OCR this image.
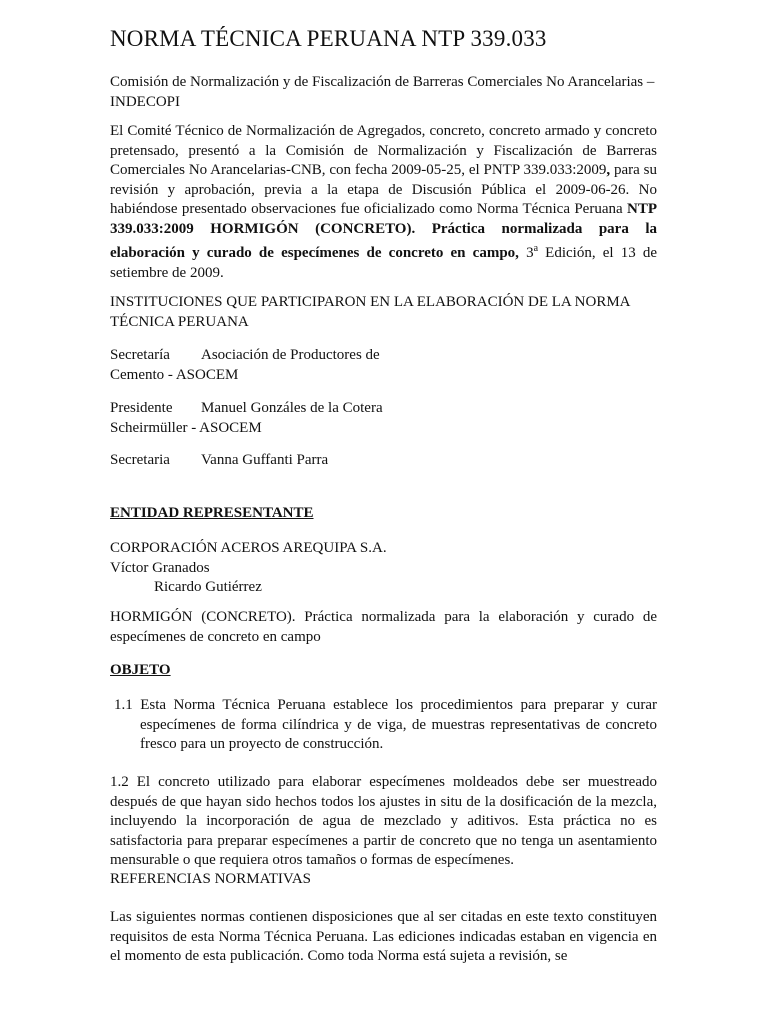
NORMA TÉCNICA PERUANA NTP 339.033

Comisión de Normalización y de Fiscalización de Barreras Comerciales No Arancelarias – INDECOPI

El Comité Técnico de Normalización de Agregados, concreto, concreto armado y concreto pretensado, presentó a la Comisión de Normalización y Fiscalización de Barreras Comerciales No Arancelarias-CNB, con fecha 2009-05-25, el PNTP 339.033:2009, para su revisión y aprobación, previa a la etapa de Discusión Pública el 2009-06-26. No habiéndose presentado observaciones fue oficializado como Norma Técnica Peruana NTP 339.033:2009 HORMIGÓN (CONCRETO). Práctica normalizada para la elaboración y curado de especímenes de concreto en campo, 3$^a$ Edición, el 13 de setiembre de 2009.

INSTITUCIONES QUE PARTICIPARON EN LA ELABORACIÓN DE LA NORMA TÉCNICA PERUANA

Secretaría Asociación de Productores de
Cemento - ASOCEM
Presidente Manuel Gonzáles de la Cotera
Scheirmüller - ASOCEM
Secretaria Vanna Guffanti Parra

ENTIDAD REPRESENTANTE

CORPORACIÓN ACEROS AREQUIPA S.A.
Víctor Granados
Ricardo Gutiérrez

HORMIGÓN (CONCRETO). Práctica normalizada para la elaboración y curado de especímenes de concreto en campo

OBJETO

1.1 Esta Norma Técnica Peruana establece los procedimientos para preparar y curar especímenes de forma cilíndrica y de viga, de muestras representativas de concreto fresco para un proyecto de construcción.

1.2 El concreto utilizado para elaborar especímenes moldeados debe ser muestreado después de que hayan sido hechos todos los ajustes in situ de la dosificación de la mezcla, incluyendo la incorporación de agua de mezclado y aditivos. Esta práctica no es satisfactoria para preparar especímenes a partir de concreto que no tenga un asentamiento mensurable o que requiera otros tamaños o formas de especímenes.

REFERENCIAS NORMATIVAS

Las siguientes normas contienen disposiciones que al ser citadas en este texto constituyen requisitos de esta Norma Técnica Peruana. Las ediciones indicadas estaban en vigencia en el momento de esta publicación. Como toda Norma está sujeta a revisión, se
